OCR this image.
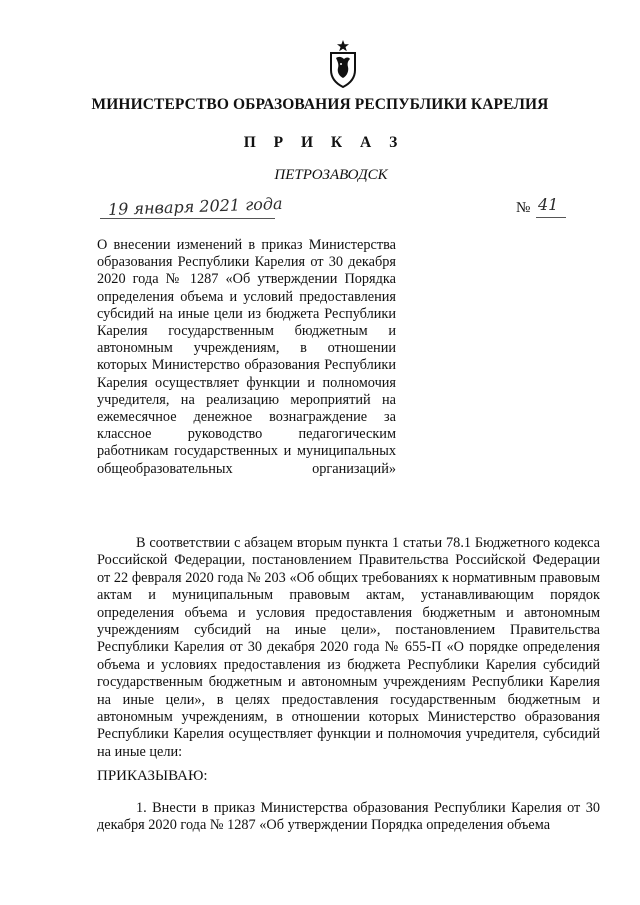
МИНИСТЕРСТВО ОБРАЗОВАНИЯ РЕСПУБЛИКИ КАРЕЛИЯ
П Р И К А З
ПЕТРОЗАВОДСК
19 января 2021 года	№ 41
О внесении изменений в приказ Министерства образования Республики Карелия от 30 декабря 2020 года № 1287 «Об утверждении Порядка определения объема и условий предоставления субсидий на иные цели из бюджета Республики Карелия государственным бюджетным и автономным учреждениям, в отношении которых Министерство образования Республики Карелия осуществляет функции и полномочия учредителя, на реализацию мероприятий на ежемесячное денежное вознаграждение за классное руководство педагогическим работникам государственных и муниципальных общеобразовательных организаций»
В соответствии с абзацем вторым пункта 1 статьи 78.1 Бюджетного кодекса Российской Федерации, постановлением Правительства Российской Федерации от 22 февраля 2020 года № 203 «Об общих требованиях к нормативным правовым актам и муниципальным правовым актам, устанавливающим порядок определения объема и условия предоставления бюджетным и автономным учреждениям субсидий на иные цели», постановлением Правительства Республики Карелия от 30 декабря 2020 года № 655-П «О порядке определения объема и условиях предоставления из бюджета Республики Карелия субсидий государственным бюджетным и автономным учреждениям Республики Карелия на иные цели», в целях предоставления государственным бюджетным и автономным учреждениям, в отношении которых Министерство образования Республики Карелия осуществляет функции и полномочия учредителя, субсидий на иные цели:
ПРИКАЗЫВАЮ:
1. Внести в приказ Министерства образования Республики Карелия от 30 декабря 2020 года № 1287 «Об утверждении Порядка определения объема
